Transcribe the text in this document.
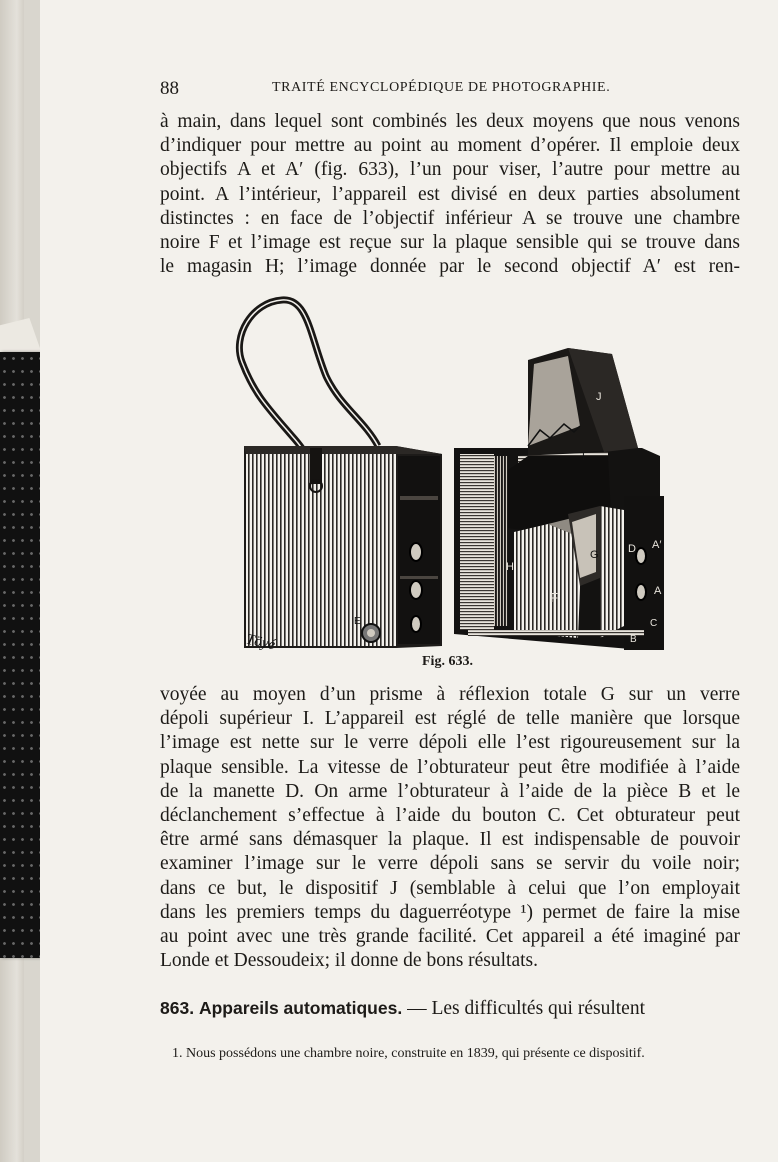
88	TRAITÉ ENCYCLOPÉDIQUE DE PHOTOGRAPHIE.
à main, dans lequel sont combinés les deux moyens que nous venons
d’indiquer pour mettre au point au moment d’opérer. Il emploie deux
objectifs A et A′ (fig. 633), l’un pour viser, l’autre pour mettre au
point. A l’intérieur, l’appareil est divisé en deux parties absolument
distinctes : en face de l’objectif inférieur A se trouve une chambre
noire F et l’image est reçue sur la plaque sensible qui se trouve dans
le magasin H; l’image donnée par le second objectif A′ est ren-
E
Töyé
J
I
G
H
F
D A′
A
C
B
Fig. 633.
voyée au moyen d’un prisme à réflexion totale G sur un verre
dépoli supérieur I. L’appareil est réglé de telle manière que lorsque
l’image est nette sur le verre dépoli elle l’est rigoureusement sur la
plaque sensible. La vitesse de l’obturateur peut être modifiée à l’aide
de la manette D. On arme l’obturateur à l’aide de la pièce B et le
déclanchement s’effectue à l’aide du bouton C. Cet obturateur peut
être armé sans démasquer la plaque. Il est indispensable de pouvoir
examiner l’image sur le verre dépoli sans se servir du voile noir;
dans ce but, le dispositif J (semblable à celui que l’on employait
dans les premiers temps du daguerréotype ¹) permet de faire la mise
au point avec une très grande facilité. Cet appareil a été imaginé par
Londe et Dessoudeix; il donne de bons résultats.
863. Appareils automatiques. — Les difficultés qui résultent
1. Nous possédons une chambre noire, construite en 1839, qui présente ce dispositif.
